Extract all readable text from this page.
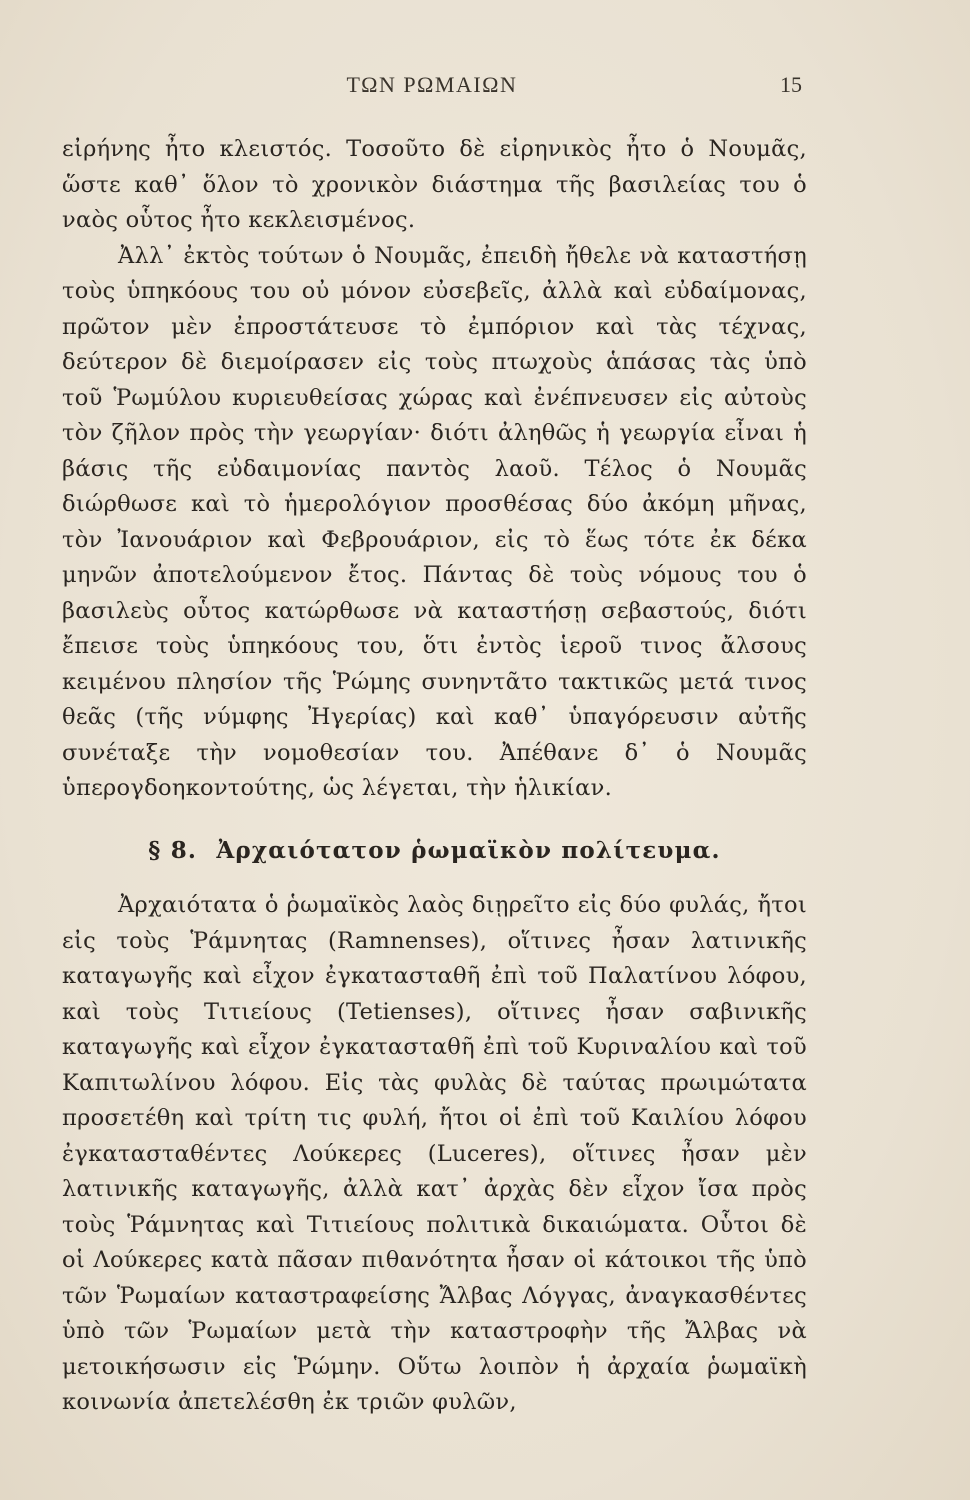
ΤΩΝ ΡΩΜΑΙΩΝ	15

εἰρήνης ἦτο κλειστός. Τοσοῦτο δὲ εἰρηνικὸς ἦτο ὁ Νουμᾶς, ὥστε καθ᾽ ὅλον τὸ χρονικὸν διάστημα τῆς βασιλείας του ὁ ναὸς οὗτος ἦτο κεκλεισμένος.

Ἀλλ᾽ ἐκτὸς τούτων ὁ Νουμᾶς, ἐπειδὴ ἤθελε νὰ καταστήσῃ τοὺς ὑπηκόους του οὐ μόνον εὐσεβεῖς, ἀλλὰ καὶ εὐδαίμονας, πρῶτον μὲν ἐπροστάτευσε τὸ ἐμπόριον καὶ τὰς τέχνας, δεύτερον δὲ διεμοίρασεν εἰς τοὺς πτωχοὺς ἁπάσας τὰς ὑπὸ τοῦ Ῥωμύλου κυριευθείσας χώρας καὶ ἐνέπνευσεν εἰς αὐτοὺς τὸν ζῆλον πρὸς τὴν γεωργίαν· διότι ἀληθῶς ἡ γεωργία εἶναι ἡ βάσις τῆς εὐδαιμονίας παντὸς λαοῦ. Τέλος ὁ Νουμᾶς διώρθωσε καὶ τὸ ἡμερολόγιον προσθέσας δύο ἀκόμη μῆνας, τὸν Ἰανουάριον καὶ Φεβρουάριον, εἰς τὸ ἕως τότε ἐκ δέκα μηνῶν ἀποτελούμενον ἔτος. Πάντας δὲ τοὺς νόμους του ὁ βασιλεὺς οὗτος κατώρθωσε νὰ καταστήσῃ σεβαστούς, διότι ἔπεισε τοὺς ὑπηκόους του, ὅτι ἐντὸς ἱεροῦ τινος ἄλσους κειμένου πλησίον τῆς Ῥώμης συνηντᾶτο τακτικῶς μετά τινος θεᾶς (τῆς νύμφης Ἠγερίας) καὶ καθ᾽ ὑπαγόρευσιν αὐτῆς συνέταξε τὴν νομοθεσίαν του. Ἀπέθανε δ᾽ ὁ Νουμᾶς ὑπερογδοηκοντούτης, ὡς λέγεται, τὴν ἡλικίαν.

§ 8. Ἀρχαιότατον ῥωμαϊκὸν πολίτευμα.

Ἀρχαιότατα ὁ ῥωμαϊκὸς λαὸς διῃρεῖτο εἰς δύο φυλάς, ἤτοι εἰς τοὺς Ῥάμνητας (Ramnenses), οἵτινες ἦσαν λατινικῆς καταγωγῆς καὶ εἶχον ἐγκατασταθῆ ἐπὶ τοῦ Παλατίνου λόφου, καὶ τοὺς Τιτιείους (Tetienses), οἵτινες ἦσαν σαβινικῆς καταγωγῆς καὶ εἶχον ἐγκατασταθῆ ἐπὶ τοῦ Κυριναλίου καὶ τοῦ Καπιτωλίνου λόφου. Εἰς τὰς φυλὰς δὲ ταύτας πρωιμώτατα προσετέθη καὶ τρίτη τις φυλή, ἤτοι οἱ ἐπὶ τοῦ Καιλίου λόφου ἐγκατασταθέντες Λούκερες (Luceres), οἵτινες ἦσαν μὲν λατινικῆς καταγωγῆς, ἀλλὰ κατ᾽ ἀρχὰς δὲν εἶχον ἴσα πρὸς τοὺς Ῥάμνητας καὶ Τιτιείους πολιτικὰ δικαιώματα. Οὗτοι δὲ οἱ Λούκερες κατὰ πᾶσαν πιθανότητα ἦσαν οἱ κάτοικοι τῆς ὑπὸ τῶν Ῥωμαίων καταστραφείσης Ἄλβας Λόγγας, ἀναγκασθέντες ὑπὸ τῶν Ῥωμαίων μετὰ τὴν καταστροφὴν τῆς Ἄλβας νὰ μετοικήσωσιν εἰς Ῥώμην. Οὕτω λοιπὸν ἡ ἀρχαία ῥωμαϊκὴ κοινωνία ἀπετελέσθη ἐκ τριῶν φυλῶν,
